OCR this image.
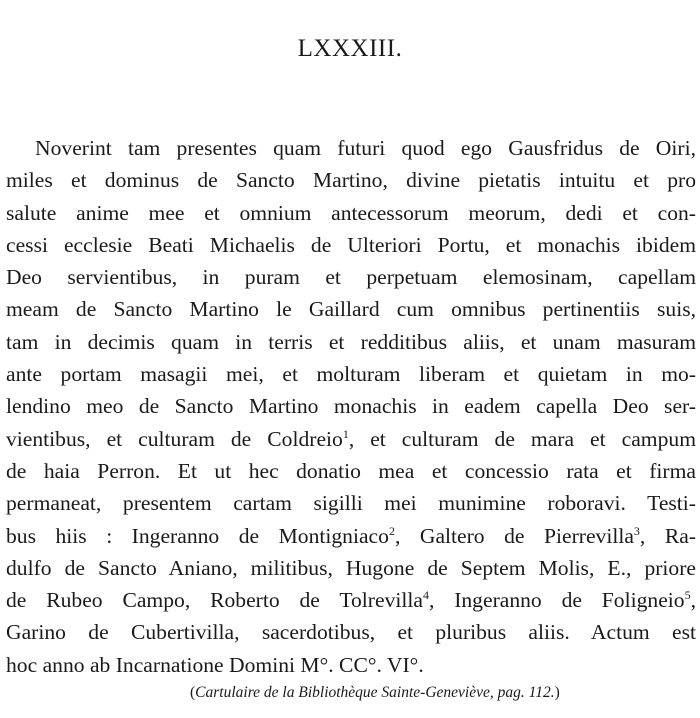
LXXXIII.
Noverint tam presentes quam futuri quod ego Gausfridus de Oiri,
miles et dominus de Sancto Martino, divine pietatis intuitu et pro
salute anime mee et omnium antecessorum meorum, dedi et con-
cessi ecclesie Beati Michaelis de Ulteriori Portu, et monachis ibidem
Deo servientibus, in puram et perpetuam elemosinam, capellam
meam de Sancto Martino le Gaillard cum omnibus pertinentiis suis,
tam in decimis quam in terris et redditibus aliis, et unam masuram
ante portam masagii mei, et molturam liberam et quietam in mo-
lendino meo de Sancto Martino monachis in eadem capella Deo ser-
vientibus, et culturam de Coldreio$^1$, et culturam de mara et campum
de haia Perron. Et ut hec donatio mea et concessio rata et firma
permaneat, presentem cartam sigilli mei munimine roboravi. Testi-
bus hiis : Ingeranno de Montigniaco$^2$, Galtero de Pierrevilla$^3$, Ra-
dulfo de Sancto Aniano, militibus, Hugone de Septem Molis, E., priore
de Rubeo Campo, Roberto de Tolrevilla$^4$, Ingeranno de Foligneio$^5$,
Garino de Cubertivilla, sacerdotibus, et pluribus aliis. Actum est
hoc anno ab Incarnatione Domini M°. CC°. VI°.
(Cartulaire de la Bibliothèque Sainte-Geneviève, pag. 112.)
